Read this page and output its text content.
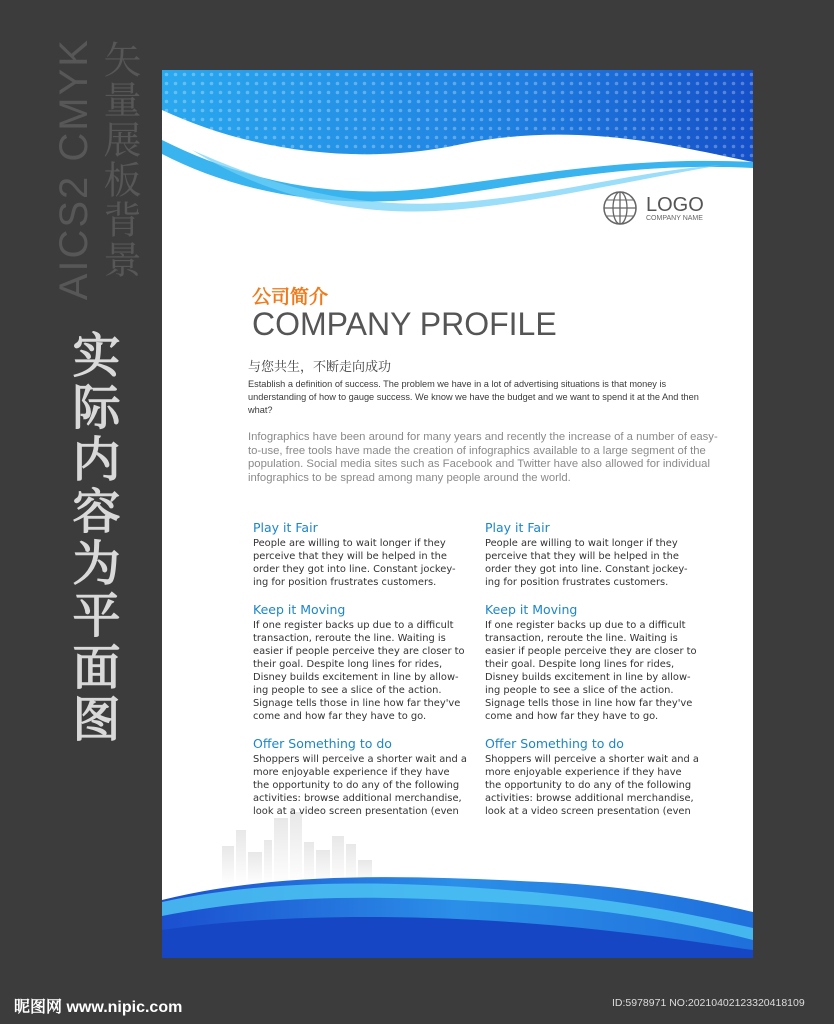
AICS2 CMYK 矢量展板背景
实际内容为平面图
LOGO
COMPANY NAME
公司简介
COMPANY PROFILE
与您共生，不断走向成功
Establish a definition of success. The problem we have in a lot of advertising situations is that money is understanding of how to gauge success. We know we have the budget and we want to spend it at the And then what?
Infographics have been around for many years and recently the increase of a number of easy-to-use, free tools have made the creation of infographics available to a large segment of the population. Social media sites such as Facebook and Twitter have also allowed for individual infographics to be spread among many people around the world.
Play it Fair
People are willing to wait longer if they perceive that they will be helped in the order they got into line. Constant jockey-ing for position frustrates customers.
Keep it Moving
If one register backs up due to a difficult transaction, reroute the line. Waiting is easier if people perceive they are closer to their goal. Despite long lines for rides, Disney builds excitement in line by allow-ing people to see a slice of the action. Signage tells those in line how far they've come and how far they have to go.
Offer Something to do
Shoppers will perceive a shorter wait and a more enjoyable experience if they have the opportunity to do any of the following activities: browse additional merchandise, look at a video screen presentation (even
Play it Fair
People are willing to wait longer if they perceive that they will be helped in the order they got into line. Constant jockey-ing for position frustrates customers.
Keep it Moving
If one register backs up due to a difficult transaction, reroute the line. Waiting is easier if people perceive they are closer to their goal. Despite long lines for rides, Disney builds excitement in line by allow-ing people to see a slice of the action. Signage tells those in line how far they've come and how far they have to go.
Offer Something to do
Shoppers will perceive a shorter wait and a more enjoyable experience if they have the opportunity to do any of the following activities: browse additional merchandise, look at a video screen presentation (even
昵图网 www.nipic.com	ID:5978971 NO:20210402123320418109
